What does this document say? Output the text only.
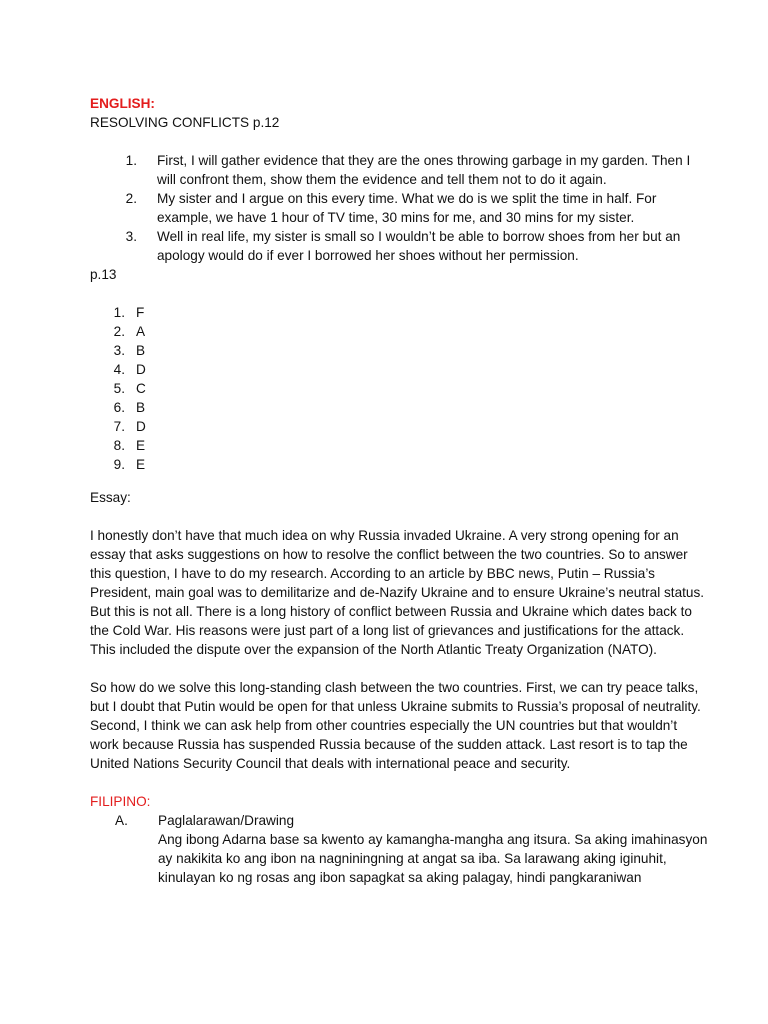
ENGLISH:

RESOLVING CONFLICTS p.12

1. First, I will gather evidence that they are the ones throwing garbage in my garden. Then I will confront them, show them the evidence and tell them not to do it again.
2. My sister and I argue on this every time. What we do is we split the time in half. For example, we have 1 hour of TV time, 30 mins for me, and 30 mins for my sister.
3. Well in real life, my sister is small so I wouldn’t be able to borrow shoes from her but an apology would do if ever I borrowed her shoes without her permission.

p.13

1. F
2. A
3. B
4. D
5. C
6. B
7. D
8. E
9. E

Essay:

I honestly don’t have that much idea on why Russia invaded Ukraine. A very strong opening for an essay that asks suggestions on how to resolve the conflict between the two countries. So to answer this question, I have to do my research. According to an article by BBC news, Putin – Russia’s President, main goal was to demilitarize and de-Nazify Ukraine and to ensure Ukraine’s neutral status. But this is not all. There is a long history of conflict between Russia and Ukraine which dates back to the Cold War. His reasons were just part of a long list of grievances and justifications for the attack. This included the dispute over the expansion of the North Atlantic Treaty Organization (NATO).

So how do we solve this long-standing clash between the two countries. First, we can try peace talks, but I doubt that Putin would be open for that unless Ukraine submits to Russia’s proposal of neutrality. Second, I think we can ask help from other countries especially the UN countries but that wouldn’t work because Russia has suspended Russia because of the sudden attack. Last resort is to tap the United Nations Security Council that deals with international peace and security.

FILIPINO:

A.	Paglalarawan/Drawing

Ang ibong Adarna base sa kwento ay kamangha-mangha ang itsura. Sa aking imahinasyon ay nakikita ko ang ibon na nagniningning at angat sa iba. Sa larawang aking iginuhit, kinulayan ko ng rosas ang ibon sapagkat sa aking palagay, hindi pangkaraniwan
